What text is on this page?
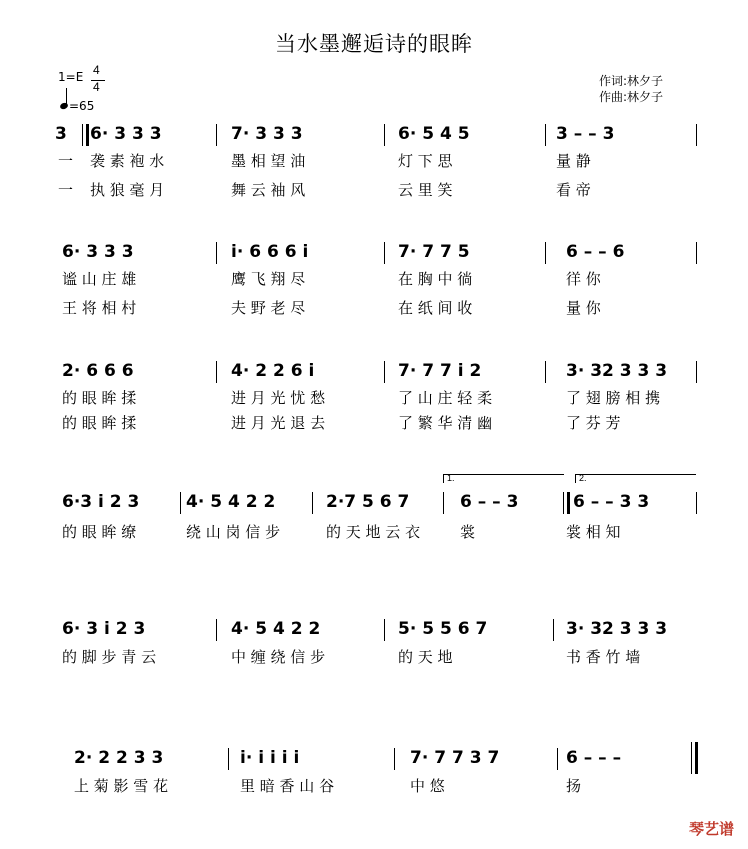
当水墨邂逅诗的眼眸
1=E 4
4
=65
作词:林夕子
作曲:林夕子
3 6· 3 3 3	7· 3 3 3	6· 5 4 5	3 – – 3
一 袭 素 袍 水	墨 相 望 油	灯 下 思	量 静
一 执 狼 毫 月	舞 云 袖 风	云 里 笑	看 帝
6· 3 3 3	i· 6 6 6 i	7· 7 7 5	6 – – 6
谧 山 庄 雄	鹰 飞 翔 尽	在 胸 中 徜	徉 你
王 将 相 村	夫 野 老 尽	在 纸 间 收	量 你
2· 6 6 6	4· 2 2 6 i	7· 7 7 i 2	3· 32 3 3 3
的 眼 眸 揉	进 月 光 忧 愁	了 山 庄 轻 柔	了 翅 膀 相 携
的 眼 眸 揉	进 月 光 退 去	了 繁 华 清 幽	了 芬 芳
1.	2.
6·3 i 2 3	4· 5 4 2 2	2·7 5 6 7	6 – – 3	6 – – 3 3
的 眼 眸 缭	绕 山 岗 信 步	的 天 地 云 衣	裳	裳 相 知
6· 3 i 2 3	4· 5 4 2 2	5· 5 5 6 7	3· 32 3 3 3
的 脚 步 青 云	中 缠 绕 信 步	的 天 地	书 香 竹 墙
2· 2 2 3 3	i· i i i i	7· 7 7 3 7	6 – – –
上 菊 影 雪 花	里 暗 香 山 谷	中 悠	扬
琴艺谱
